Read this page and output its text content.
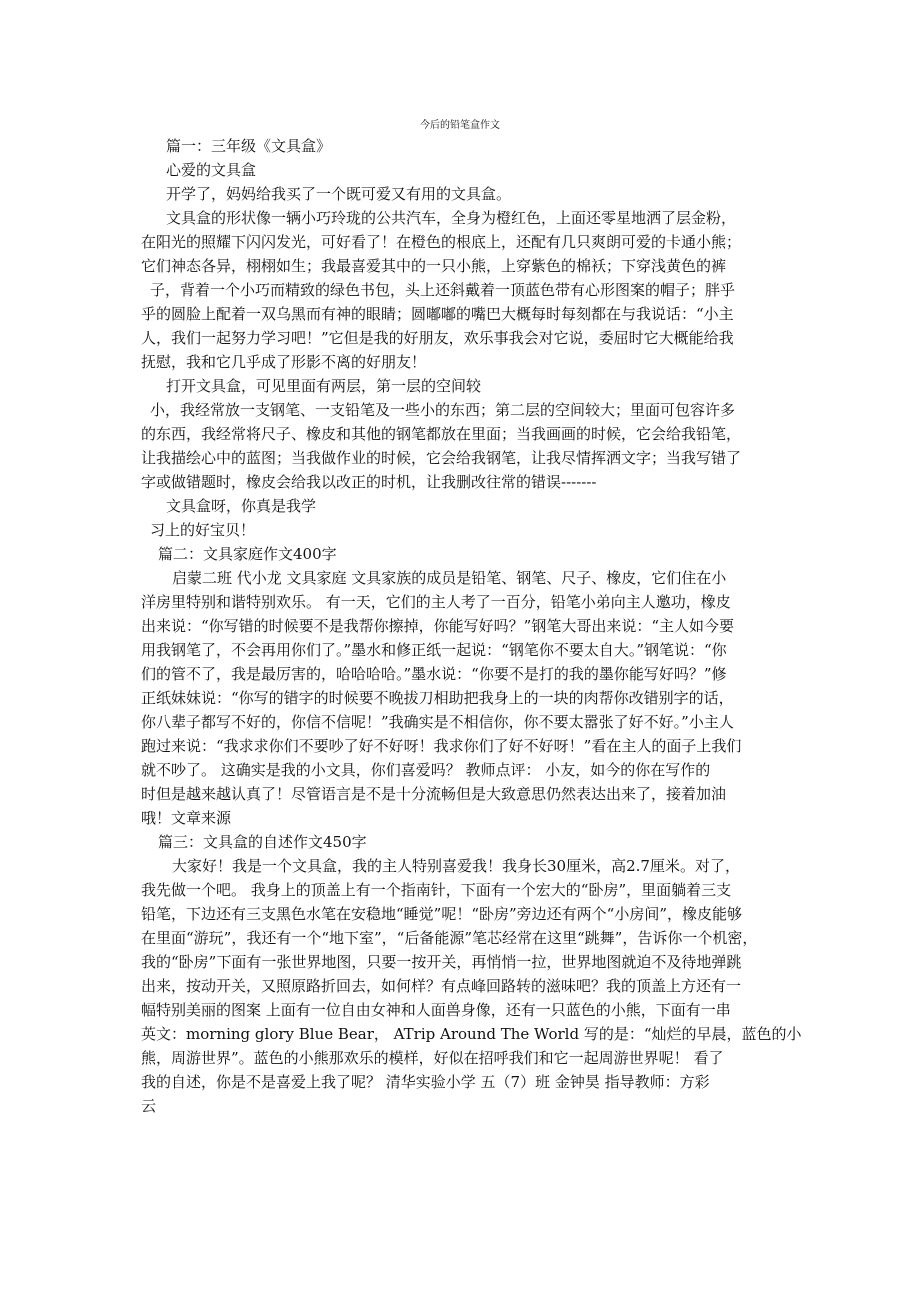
今后的铅笔盒作文
篇一：三年级《文具盒》
心爱的文具盒
开学了，妈妈给我买了一个既可爱又有用的文具盒。
文具盒的形状像一辆小巧玲珑的公共汽车，全身为橙红色，上面还零星地洒了层金粉，
在阳光的照耀下闪闪发光，可好看了！在橙色的根底上，还配有几只爽朗可爱的卡通小熊；
它们神态各异，栩栩如生；我最喜爱其中的一只小熊，上穿紫色的棉袄；下穿浅黄色的裤
子，背着一个小巧而精致的绿色书包，头上还斜戴着一顶蓝色带有心形图案的帽子；胖乎
乎的圆脸上配着一双乌黑而有神的眼睛；圆嘟嘟的嘴巴大概每时每刻都在与我说话：“小主
人，我们一起努力学习吧！”它但是我的好朋友，欢乐事我会对它说，委屈时它大概能给我
抚慰，我和它几乎成了形影不离的好朋友！
打开文具盒，可见里面有两层，第一层的空间较
小，我经常放一支钢笔、一支铅笔及一些小的东西；第二层的空间较大；里面可包容许多
的东西，我经常将尺子、橡皮和其他的钢笔都放在里面；当我画画的时候，它会给我铅笔，
让我描绘心中的蓝图；当我做作业的时候，它会给我钢笔，让我尽情挥洒文字；当我写错了
字或做错题时，橡皮会给我以改正的时机，让我删改往常的错误-------
文具盒呀，你真是我学
习上的好宝贝！
篇二：文具家庭作文400字
启蒙二班 代小龙 文具家庭 文具家族的成员是铅笔、钢笔、尺子、橡皮，它们住在小
洋房里特别和谐特别欢乐。 有一天，它们的主人考了一百分，铅笔小弟向主人邀功，橡皮
出来说：“你写错的时候要不是我帮你擦掉，你能写好吗？”钢笔大哥出来说：“主人如今要
用我钢笔了，不会再用你们了。”墨水和修正纸一起说：“钢笔你不要太自大。”钢笔说：“你
们的管不了，我是最厉害的，哈哈哈哈。”墨水说：“你要不是打的我的墨你能写好吗？”修
正纸妹妹说：“你写的错字的时候要不晚拔刀相助把我身上的一块的肉帮你改错别字的话，
你八辈子都写不好的，你信不信呢！”我确实是不相信你，你不要太嚣张了好不好。”小主人
跑过来说：“我求求你们不要吵了好不好呀！我求你们了好不好呀！”看在主人的面子上我们
就不吵了。 这确实是我的小文具，你们喜爱吗？ 教师点评： 小友，如今的你在写作的
时但是越来越认真了！尽管语言是不是十分流畅但是大致意思仍然表达出来了，接着加油
哦！文章来源
篇三：文具盒的自述作文450字
大家好！我是一个文具盒，我的主人特别喜爱我！我身长30厘米，高2.7厘米。对了，
我先做一个吧。 我身上的顶盖上有一个指南针，下面有一个宏大的“卧房”，里面躺着三支
铅笔，下边还有三支黑色水笔在安稳地“睡觉”呢！“卧房”旁边还有两个“小房间”，橡皮能够
在里面“游玩”，我还有一个“地下室”，“后备能源”笔芯经常在这里“跳舞”，告诉你一个机密，
我的“卧房”下面有一张世界地图，只要一按开关，再悄悄一拉，世界地图就迫不及待地弹跳
出来，按动开关，又照原路折回去，如何样？有点峰回路转的滋味吧？我的顶盖上方还有一
幅特别美丽的图案 上面有一位自由女神和人面兽身像，还有一只蓝色的小熊，下面有一串
英文：morning glory Blue Bear， ATrip Around The World 写的是：“灿烂的早晨，蓝色的小
熊，周游世界”。蓝色的小熊那欢乐的模样，好似在招呼我们和它一起周游世界呢！ 看了
我的自述，你是不是喜爱上我了呢？ 清华实验小学 五（7）班 金钟昊 指导教师：方彩
云
